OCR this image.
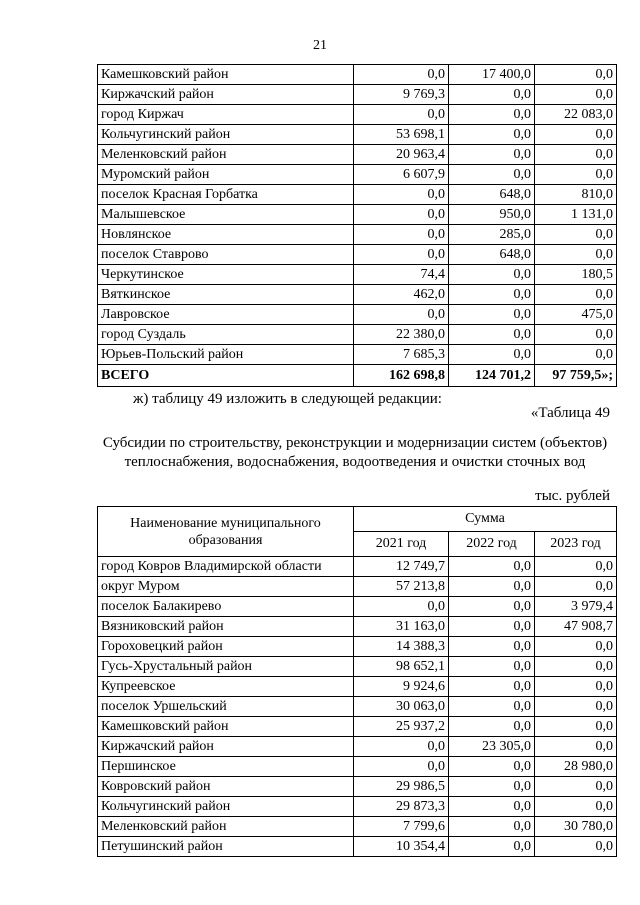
21
Камешковский район	0,0	17 400,0	0,0
Киржачский район	9 769,3	0,0	0,0
город Киржач	0,0	0,0	22 083,0
Кольчугинский район	53 698,1	0,0	0,0
Меленковский район	20 963,4	0,0	0,0
Муромский район	6 607,9	0,0	0,0
поселок Красная Горбатка	0,0	648,0	810,0
Малышевское	0,0	950,0	1 131,0
Новлянское	0,0	285,0	0,0
поселок Ставрово	0,0	648,0	0,0
Черкутинское	74,4	0,0	180,5
Вяткинское	462,0	0,0	0,0
Лавровское	0,0	0,0	475,0
город Суздаль	22 380,0	0,0	0,0
Юрьев-Польский район	7 685,3	0,0	0,0
ВСЕГО	162 698,8	124 701,2	97 759,5»;
ж) таблицу 49 изложить в следующей редакции:
«Таблица 49
Субсидии по строительству, реконструкции и модернизации систем (объектов)
теплоснабжения, водоснабжения, водоотведения и очистки сточных вод
тыс. рублей
Наименование муниципального образования	Сумма		
	2021 год	2022 год	2023 год
город Ковров Владимирской области	12 749,7	0,0	0,0
округ Муром	57 213,8	0,0	0,0
поселок Балакирево	0,0	0,0	3 979,4
Вязниковский район	31 163,0	0,0	47 908,7
Гороховецкий район	14 388,3	0,0	0,0
Гусь-Хрустальный район	98 652,1	0,0	0,0
Купреевское	9 924,6	0,0	0,0
поселок Уршельский	30 063,0	0,0	0,0
Камешковский район	25 937,2	0,0	0,0
Киржачский район	0,0	23 305,0	0,0
Першинское	0,0	0,0	28 980,0
Ковровский район	29 986,5	0,0	0,0
Кольчугинский район	29 873,3	0,0	0,0
Меленковский район	7 799,6	0,0	30 780,0
Петушинский район	10 354,4	0,0	0,0
